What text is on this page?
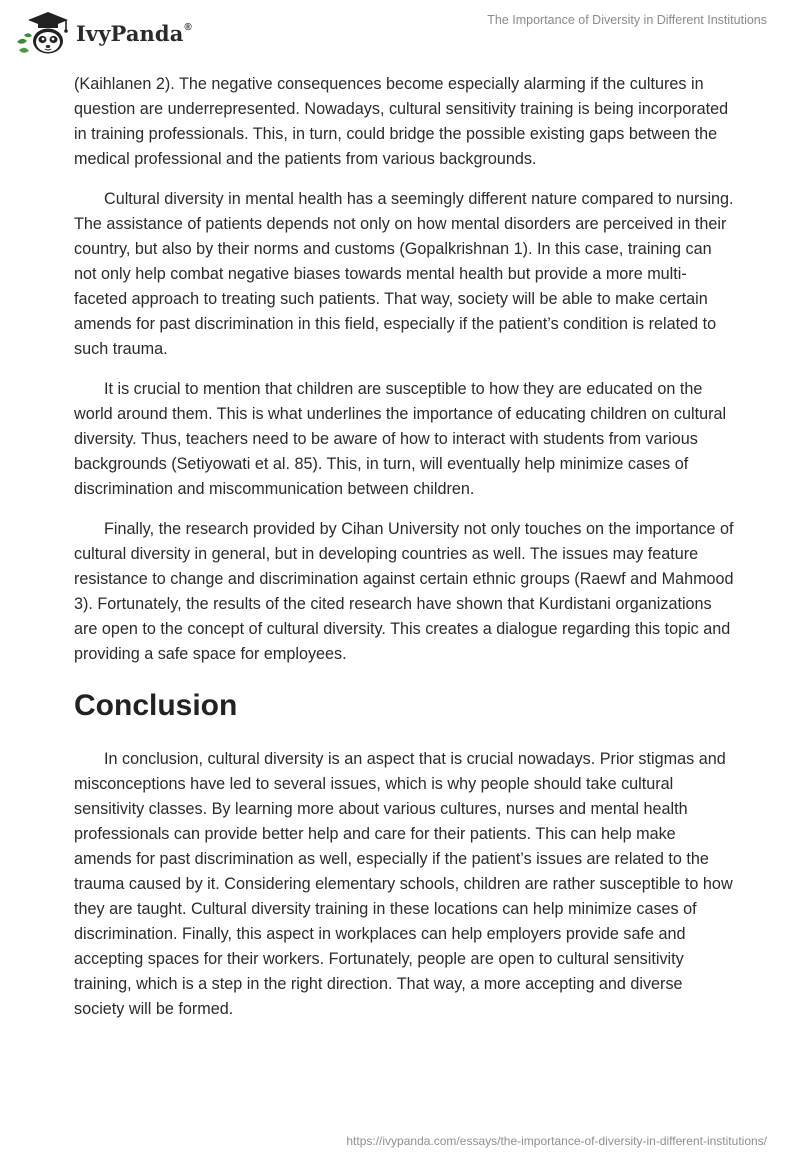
IvyPanda®	The Importance of Diversity in Different Institutions

(Kaihlanen 2). The negative consequences become especially alarming if the cultures in question are underrepresented. Nowadays, cultural sensitivity training is being incorporated in training professionals. This, in turn, could bridge the possible existing gaps between the medical professional and the patients from various backgrounds.

Cultural diversity in mental health has a seemingly different nature compared to nursing. The assistance of patients depends not only on how mental disorders are perceived in their country, but also by their norms and customs (Gopalkrishnan 1). In this case, training can not only help combat negative biases towards mental health but provide a more multi-faceted approach to treating such patients. That way, society will be able to make certain amends for past discrimination in this field, especially if the patient’s condition is related to such trauma.

It is crucial to mention that children are susceptible to how they are educated on the world around them. This is what underlines the importance of educating children on cultural diversity. Thus, teachers need to be aware of how to interact with students from various backgrounds (Setiyowati et al. 85). This, in turn, will eventually help minimize cases of discrimination and miscommunication between children.

Finally, the research provided by Cihan University not only touches on the importance of cultural diversity in general, but in developing countries as well. The issues may feature resistance to change and discrimination against certain ethnic groups (Raewf and Mahmood 3). Fortunately, the results of the cited research have shown that Kurdistani organizations are open to the concept of cultural diversity. This creates a dialogue regarding this topic and providing a safe space for employees.

Conclusion

In conclusion, cultural diversity is an aspect that is crucial nowadays. Prior stigmas and misconceptions have led to several issues, which is why people should take cultural sensitivity classes. By learning more about various cultures, nurses and mental health professionals can provide better help and care for their patients. This can help make amends for past discrimination as well, especially if the patient’s issues are related to the trauma caused by it. Considering elementary schools, children are rather susceptible to how they are taught. Cultural diversity training in these locations can help minimize cases of discrimination. Finally, this aspect in workplaces can help employers provide safe and accepting spaces for their workers. Fortunately, people are open to cultural sensitivity training, which is a step in the right direction. That way, a more accepting and diverse society will be formed.

https://ivypanda.com/essays/the-importance-of-diversity-in-different-institutions/
